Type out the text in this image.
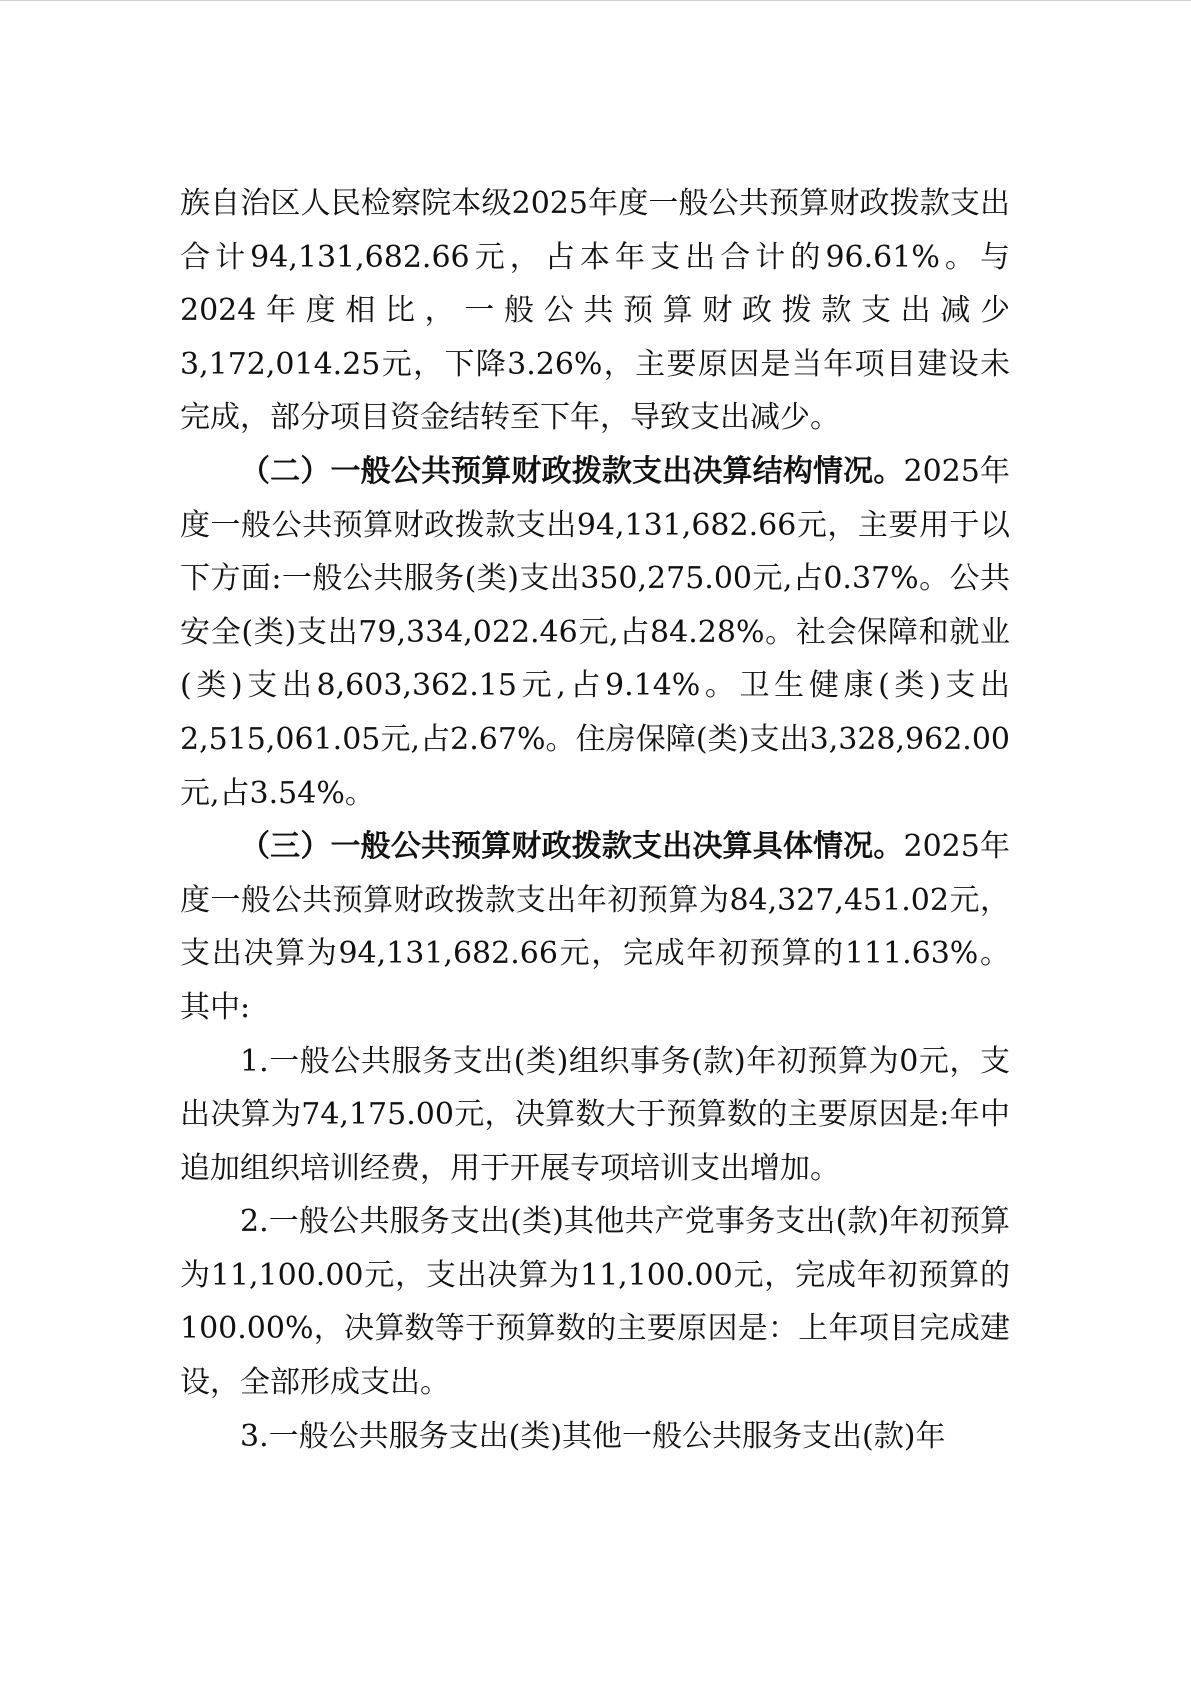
族自治区人民检察院本级2025年度一般公共预算财政拨款支出合计94,131,682.66元，占本年支出合计的96.61%。与2024年度相比，一般公共预算财政拨款支出减少3,172,014.25元，下降3.26%，主要原因是当年项目建设未完成，部分项目资金结转至下年，导致支出减少。

（二）一般公共预算财政拨款支出决算结构情况。2025年度一般公共预算财政拨款支出94,131,682.66元，主要用于以下方面:一般公共服务(类)支出350,275.00元,占0.37%。公共安全(类)支出79,334,022.46元,占84.28%。社会保障和就业(类)支出8,603,362.15元,占9.14%。卫生健康(类)支出2,515,061.05元,占2.67%。住房保障(类)支出3,328,962.00元,占3.54%。

（三）一般公共预算财政拨款支出决算具体情况。2025年度一般公共预算财政拨款支出年初预算为84,327,451.02元，支出决算为94,131,682.66元，完成年初预算的111.63%。其中:

1.一般公共服务支出(类)组织事务(款)年初预算为0元，支出决算为74,175.00元，决算数大于预算数的主要原因是:年中追加组织培训经费，用于开展专项培训支出增加。

2.一般公共服务支出(类)其他共产党事务支出(款)年初预算为11,100.00元，支出决算为11,100.00元，完成年初预算的100.00%，决算数等于预算数的主要原因是：上年项目完成建设，全部形成支出。

3.一般公共服务支出(类)其他一般公共服务支出(款)年
